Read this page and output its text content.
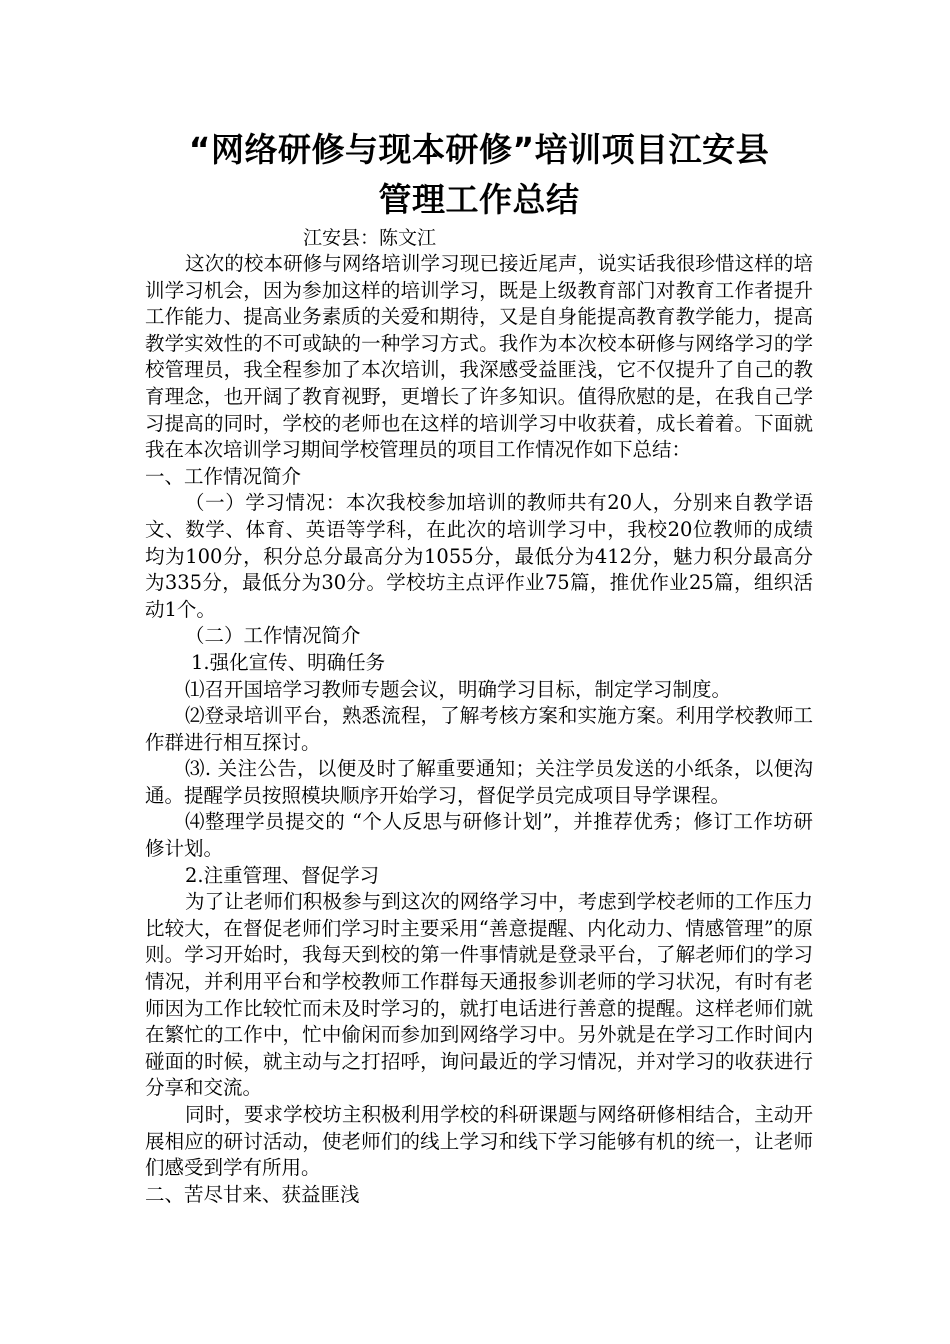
“网络研修与现本研修”培训项目江安县
管理工作总结

江安县：陈文江

这次的校本研修与网络培训学习现已接近尾声，说实话我很珍惜这样的培训学习机会，因为参加这样的培训学习，既是上级教育部门对教育工作者提升工作能力、提高业务素质的关爱和期待，又是自身能提高教育教学能力，提高教学实效性的不可或缺的一种学习方式。我作为本次校本研修与网络学习的学校管理员，我全程参加了本次培训，我深感受益匪浅，它不仅提升了自己的教育理念，也开阔了教育视野，更增长了许多知识。值得欣慰的是，在我自己学习提高的同时，学校的老师也在这样的培训学习中收获着，成长着着。下面就我在本次培训学习期间学校管理员的项目工作情况作如下总结：

一、工作情况简介

（一）学习情况：本次我校参加培训的教师共有20人，分别来自教学语文、数学、体育、英语等学科，在此次的培训学习中，我校20位教师的成绩均为100分，积分总分最高分为1055分，最低分为412分，魅力积分最高分为335分，最低分为30分。学校坊主点评作业75篇，推优作业25篇，组织活动1个。

（二）工作情况简介

1.强化宣传、明确任务

⑴召开国培学习教师专题会议，明确学习目标，制定学习制度。

⑵登录培训平台，熟悉流程，了解考核方案和实施方案。利用学校教师工作群进行相互探讨。

⑶. 关注公告，以便及时了解重要通知；关注学员发送的小纸条，以便沟通。提醒学员按照模块顺序开始学习，督促学员完成项目导学课程。

⑷整理学员提交的 “个人反思与研修计划”，并推荐优秀；修订工作坊研修计划。

2.注重管理、督促学习

为了让老师们积极参与到这次的网络学习中，考虑到学校老师的工作压力比较大，在督促老师们学习时主要采用“善意提醒、内化动力、情感管理”的原则。学习开始时，我每天到校的第一件事情就是登录平台，了解老师们的学习情况，并利用平台和学校教师工作群每天通报参训老师的学习状况，有时有老师因为工作比较忙而未及时学习的，就打电话进行善意的提醒。这样老师们就在繁忙的工作中，忙中偷闲而参加到网络学习中。另外就是在学习工作时间内碰面的时候，就主动与之打招呼，询问最近的学习情况，并对学习的收获进行分享和交流。

同时，要求学校坊主积极利用学校的科研课题与网络研修相结合，主动开展相应的研讨活动，使老师们的线上学习和线下学习能够有机的统一，让老师们感受到学有所用。

二、苦尽甘来、获益匪浅
